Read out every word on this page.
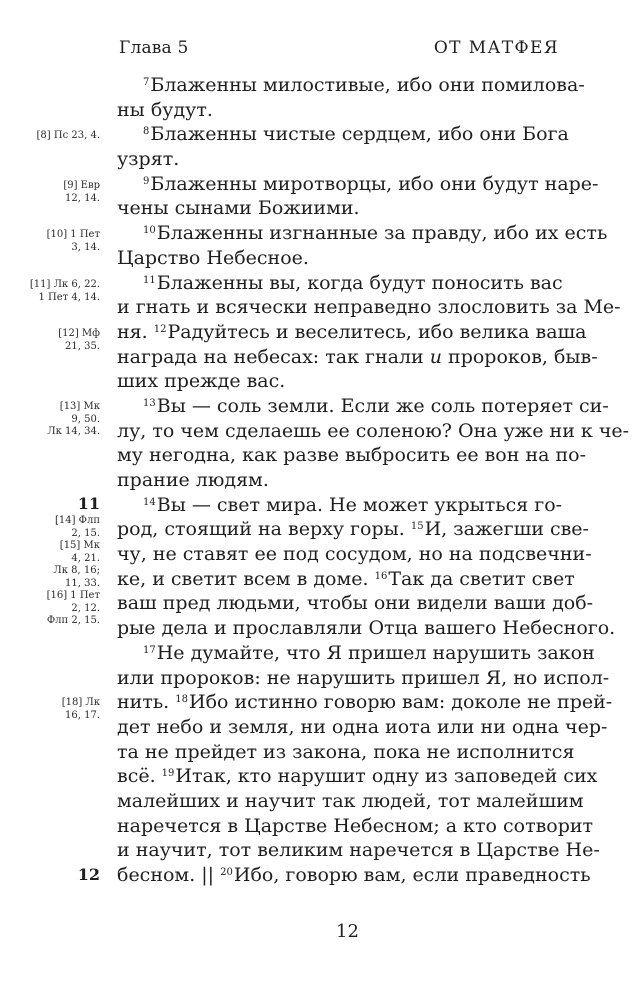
Глава 5	ОТ МАТФЕЯ
[8] Пс 23, 4.
[9] Евр
12, 14.
[10] 1 Пет
3, 14.
[11] Лк 6, 22.
1 Пет 4, 14.
[12] Мф
21, 35.
[13] Мк
9, 50.
Лк 14, 34.
11
[14] Флп
2, 15.
[15] Мк
4, 21.
Лк 8, 16;
11, 33.
[16] 1 Пет
2, 12.
Флп 2, 15.
[18] Лк
16, 17.
12
$^7$Блаженны милостивые, ибо они помилова-
ны будут.
$^8$Блаженны чистые сердцем, ибо они Бога
узрят.
$^9$Блаженны миротворцы, ибо они будут наре-
чены сынами Божиими.
$^{10}$Блаженны изгнанные за правду, ибо их есть
Царство Небесное.
$^{11}$Блаженны вы, когда будут поносить вас
и гнать и всячески неправедно злословить за Ме-
ня. $^{12}$Радуйтесь и веселитесь, ибо велика ваша
награда на небесах: так гнали и пророков, быв-
ших прежде вас.
$^{13}$Вы — соль земли. Если же соль потеряет си-
лу, то чем сделаешь ее соленою? Она уже ни к че-
му негодна, как разве выбросить ее вон на по-
прание людям.
$^{14}$Вы — свет мира. Не может укрыться го-
род, стоящий на верху горы. $^{15}$И, зажегши све-
чу, не ставят ее под сосудом, но на подсвечни-
ке, и светит всем в доме. $^{16}$Так да светит свет
ваш пред людьми, чтобы они видели ваши доб-
рые дела и прославляли Отца вашего Небесного.
$^{17}$Не думайте, что Я пришел нарушить закон
или пророков: не нарушить пришел Я, но испол-
нить. $^{18}$Ибо истинно говорю вам: доколе не прей-
дет небо и земля, ни одна иота или ни одна чер-
та не прейдет из закона, пока не исполнится
всё. $^{19}$Итак, кто нарушит одну из заповедей сих
малейших и научит так людей, тот малейшим
наречется в Царстве Небесном; а кто сотворит
и научит, тот великим наречется в Царстве Не-
бесном. || $^{20}$Ибо, говорю вам, если праведность
12
